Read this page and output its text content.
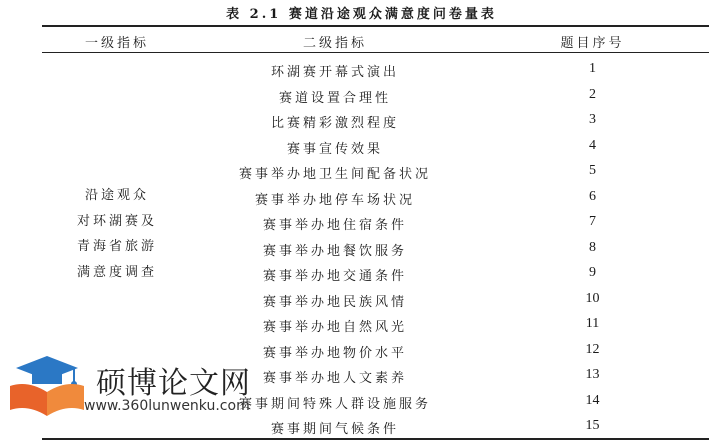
表 2.1 赛道沿途观众满意度问卷量表
一级指标	二级指标	题目序号
沿途观众
对环湖赛及
青海省旅游
满意度调查
环湖赛开幕式演出	1
赛道设置合理性	2
比赛精彩激烈程度	3
赛事宣传效果	4
赛事举办地卫生间配备状况	5
赛事举办地停车场状况	6
赛事举办地住宿条件	7
赛事举办地餐饮服务	8
赛事举办地交通条件	9
赛事举办地民族风情	10
赛事举办地自然风光	11
赛事举办地物价水平	12
赛事举办地人文素养	13
赛事期间特殊人群设施服务	14
赛事期间气候条件	15
硕博论文网
www.360lunwenku.com
